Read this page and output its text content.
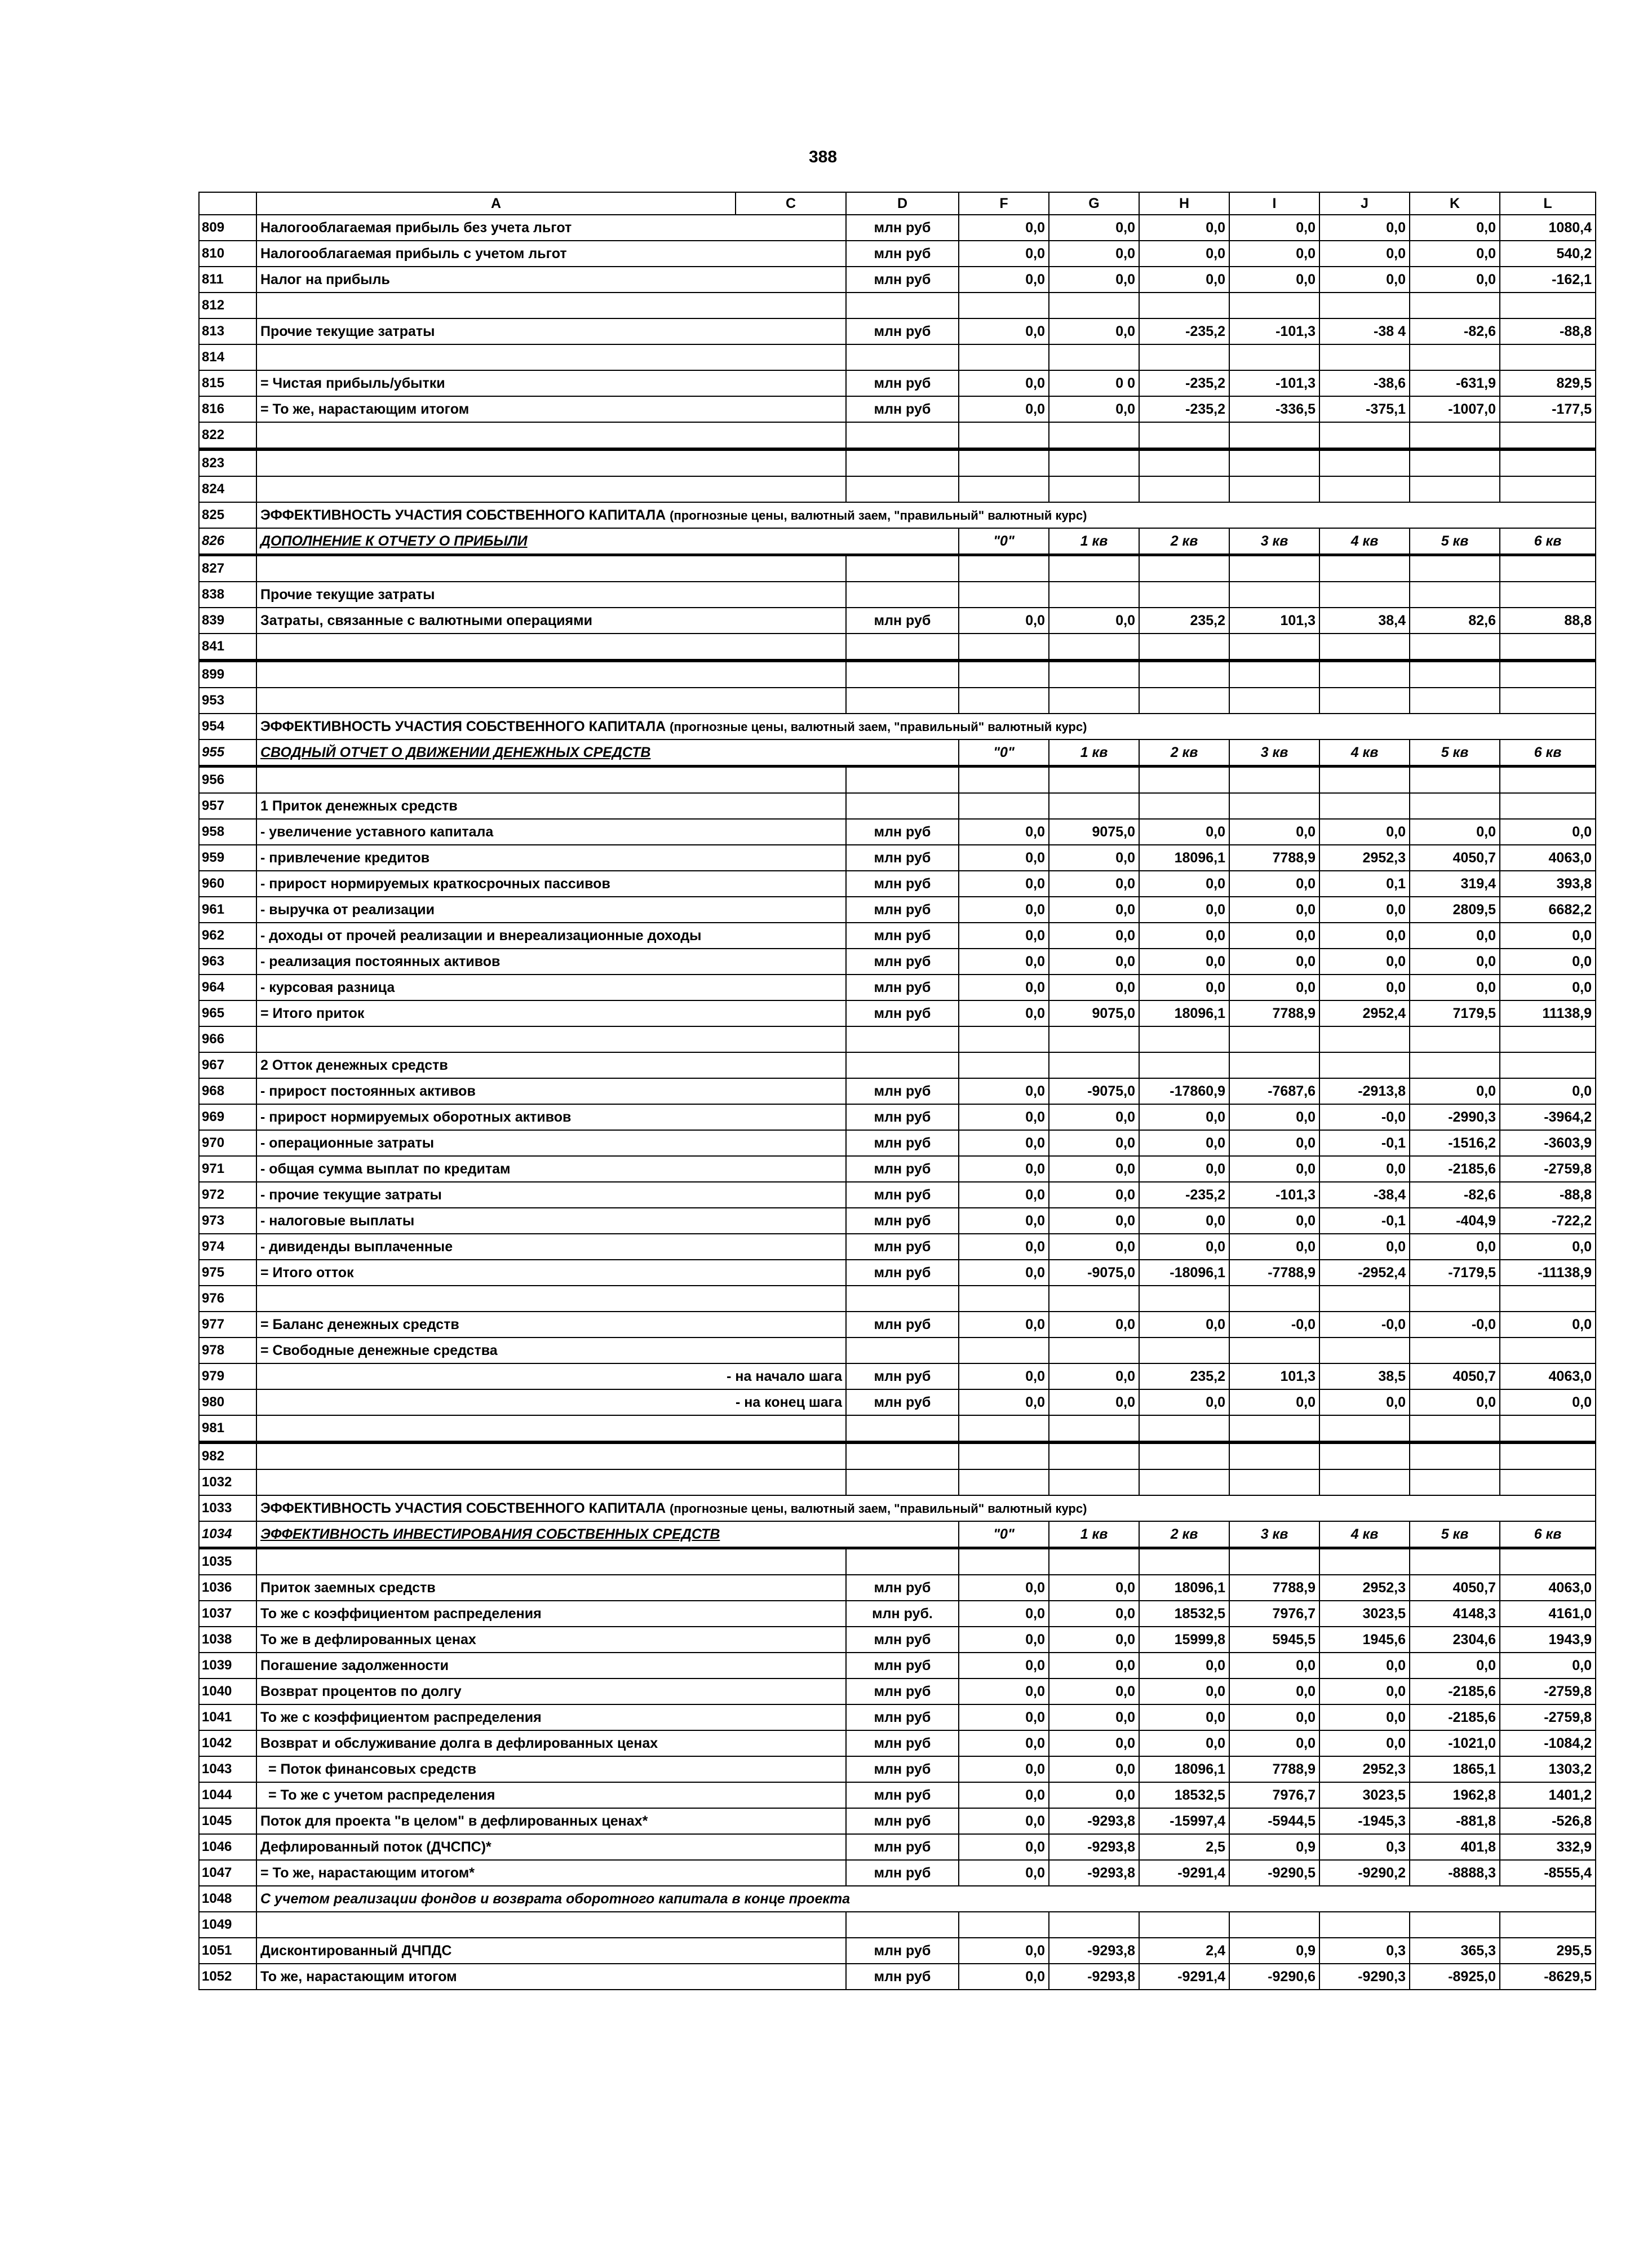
388
	A	C	D	F	G	H	I	J	K	L
809	Налогооблагаемая прибыль без учета льгот		млн руб	0,0	0,0	0,0	0,0	0,0	0,0	1080,4
810	Налогооблагаемая прибыль с учетом льгот		млн руб	0,0	0,0	0,0	0,0	0,0	0,0	540,2
811	Налог на прибыль		млн руб	0,0	0,0	0,0	0,0	0,0	0,0	-162,1
812										
813	Прочие текущие затраты		млн руб	0,0	0,0	-235,2	-101,3	-38 4	-82,6	-88,8
814										
815	= Чистая прибыль/убытки		млн руб	0,0	0 0	-235,2	-101,3	-38,6	-631,9	829,5
816	= То же, нарастающим итогом		млн руб	0,0	0,0	-235,2	-336,5	-375,1	-1007,0	-177,5
822										
823										
824										
825	ЭФФЕКТИВНОСТЬ УЧАСТИЯ СОБСТВЕННОГО КАПИТАЛА (прогнозные цены, валютный заем, "правильный" валютный курс)									
826	ДОПОЛНЕНИЕ К ОТЧЕТУ О ПРИБЫЛИ			"0"	1 кв	2 кв	3 кв	4 кв	5 кв	6 кв
827										
838	Прочие текущие затраты									
839	Затраты, связанные с валютными операциями		млн руб	0,0	0,0	235,2	101,3	38,4	82,6	88,8
841										
899										
953										
954	ЭФФЕКТИВНОСТЬ УЧАСТИЯ СОБСТВЕННОГО КАПИТАЛА (прогнозные цены, валютный заем, "правильный" валютный курс)									
955	СВОДНЫЙ ОТЧЕТ О ДВИЖЕНИИ ДЕНЕЖНЫХ СРЕДСТВ			"0"	1 кв	2 кв	3 кв	4 кв	5 кв	6 кв
956										
957	1 Приток денежных средств									
958	- увеличение уставного капитала		млн руб	0,0	9075,0	0,0	0,0	0,0	0,0	0,0
959	- привлечение кредитов		млн руб	0,0	0,0	18096,1	7788,9	2952,3	4050,7	4063,0
960	- прирост нормируемых краткосрочных пассивов		млн руб	0,0	0,0	0,0	0,0	0,1	319,4	393,8
961	- выручка от реализации		млн руб	0,0	0,0	0,0	0,0	0,0	2809,5	6682,2
962	- доходы от прочей реализации и внереализационные доходы		млн руб	0,0	0,0	0,0	0,0	0,0	0,0	0,0
963	- реализация постоянных активов		млн руб	0,0	0,0	0,0	0,0	0,0	0,0	0,0
964	- курсовая разница		млн руб	0,0	0,0	0,0	0,0	0,0	0,0	0,0
965	= Итого приток		млн руб	0,0	9075,0	18096,1	7788,9	2952,4	7179,5	11138,9
966										
967	2 Отток денежных средств									
968	- прирост постоянных активов		млн руб	0,0	-9075,0	-17860,9	-7687,6	-2913,8	0,0	0,0
969	- прирост нормируемых оборотных активов		млн руб	0,0	0,0	0,0	0,0	-0,0	-2990,3	-3964,2
970	- операционные затраты		млн руб	0,0	0,0	0,0	0,0	-0,1	-1516,2	-3603,9
971	- общая сумма выплат по кредитам		млн руб	0,0	0,0	0,0	0,0	0,0	-2185,6	-2759,8
972	- прочие текущие затраты		млн руб	0,0	0,0	-235,2	-101,3	-38,4	-82,6	-88,8
973	- налоговые выплаты		млн руб	0,0	0,0	0,0	0,0	-0,1	-404,9	-722,2
974	- дивиденды выплаченные		млн руб	0,0	0,0	0,0	0,0	0,0	0,0	0,0
975	= Итого отток		млн руб	0,0	-9075,0	-18096,1	-7788,9	-2952,4	-7179,5	-11138,9
976										
977	= Баланс денежных средств		млн руб	0,0	0,0	0,0	-0,0	-0,0	-0,0	0,0
978	= Свободные денежные средства									
979	- на начало шага		млн руб	0,0	0,0	235,2	101,3	38,5	4050,7	4063,0
980	- на конец шага		млн руб	0,0	0,0	0,0	0,0	0,0	0,0	0,0
981										
982										
1032										
1033	ЭФФЕКТИВНОСТЬ УЧАСТИЯ СОБСТВЕННОГО КАПИТАЛА (прогнозные цены, валютный заем, "правильный" валютный курс)									
1034	ЭФФЕКТИВНОСТЬ ИНВЕСТИРОВАНИЯ СОБСТВЕННЫХ СРЕДСТВ			"0"	1 кв	2 кв	3 кв	4 кв	5 кв	6 кв
1035										
1036	Приток заемных средств		млн руб	0,0	0,0	18096,1	7788,9	2952,3	4050,7	4063,0
1037	То же с коэффициентом распределения		млн руб.	0,0	0,0	18532,5	7976,7	3023,5	4148,3	4161,0
1038	То же в дефлированных ценах		млн руб	0,0	0,0	15999,8	5945,5	1945,6	2304,6	1943,9
1039	Погашение задолженности		млн руб	0,0	0,0	0,0	0,0	0,0	0,0	0,0
1040	Возврат процентов по долгу		млн руб	0,0	0,0	0,0	0,0	0,0	-2185,6	-2759,8
1041	То же с коэффициентом распределения		млн руб	0,0	0,0	0,0	0,0	0,0	-2185,6	-2759,8
1042	Возврат и обслуживание долга в дефлированных ценах		млн руб	0,0	0,0	0,0	0,0	0,0	-1021,0	-1084,2
1043	= Поток финансовых средств		млн руб	0,0	0,0	18096,1	7788,9	2952,3	1865,1	1303,2
1044	= То же с учетом распределения		млн руб	0,0	0,0	18532,5	7976,7	3023,5	1962,8	1401,2
1045	Поток для проекта "в целом" в дефлированных ценах*		млн руб	0,0	-9293,8	-15997,4	-5944,5	-1945,3	-881,8	-526,8
1046	Дефлированный поток (ДЧСПС)*		млн руб	0,0	-9293,8	2,5	0,9	0,3	401,8	332,9
1047	= То же, нарастающим итогом*		млн руб	0,0	-9293,8	-9291,4	-9290,5	-9290,2	-8888,3	-8555,4
1048	С учетом реализации фондов и возврата оборотного капитала в конце проекта									
1049										
1051	Дисконтированный ДЧПДС		млн руб	0,0	-9293,8	2,4	0,9	0,3	365,3	295,5
1052	То же, нарастающим итогом		млн руб	0,0	-9293,8	-9291,4	-9290,6	-9290,3	-8925,0	-8629,5
